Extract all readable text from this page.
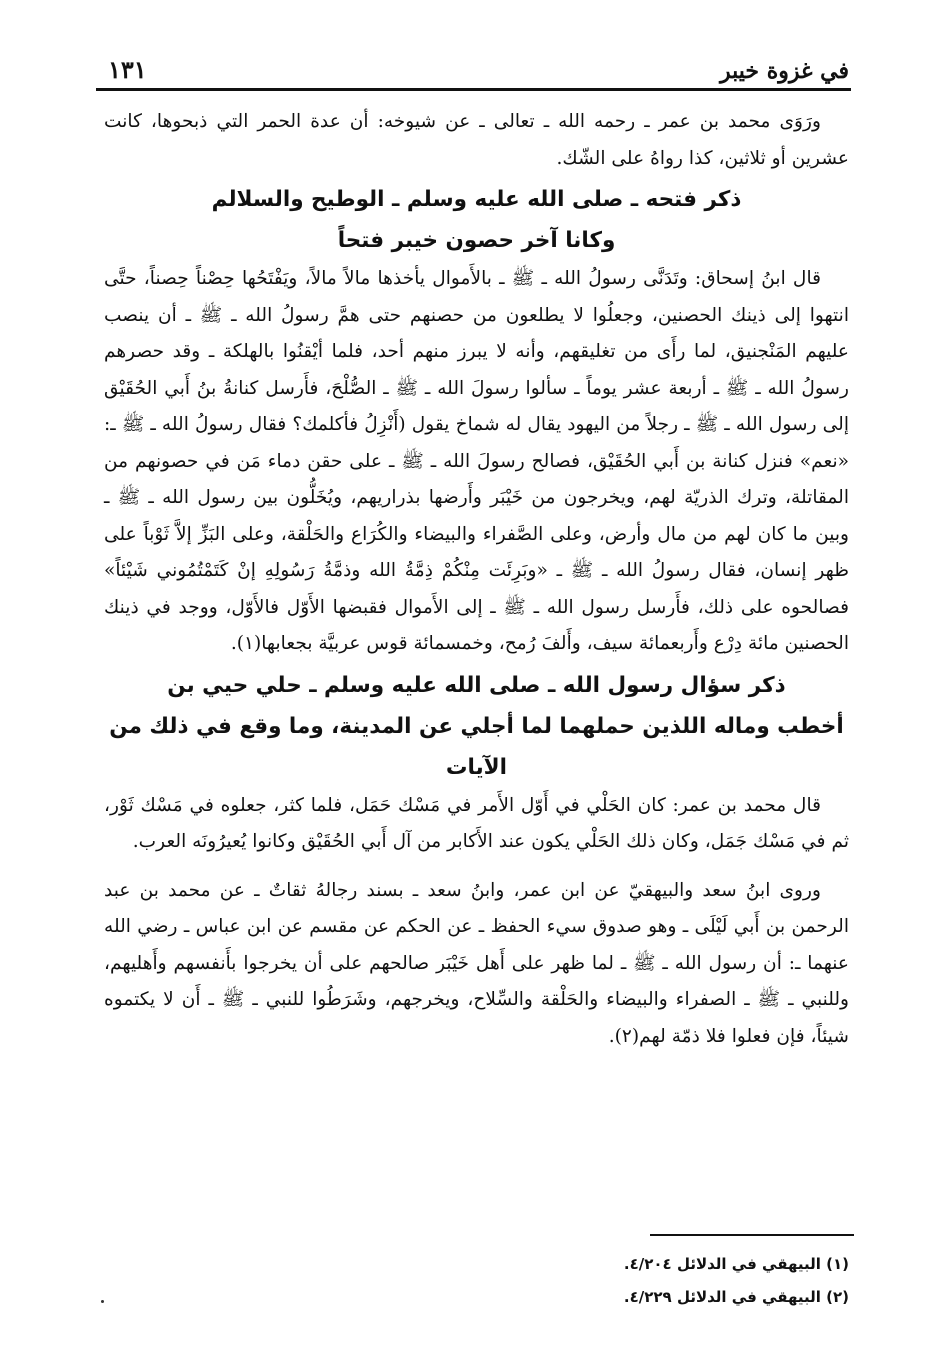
في غزوة خيبر
١٣١

ورَوَى محمد بن عمر ـ رحمه الله ـ تعالى ـ عن شيوخه: أن عدة الحمر التي ذبحوها، كانت عشرين أو ثلاثين، كذا رواهُ على الشّك.

ذكر فتحه ـ صلى الله عليه وسلم ـ الوطيح والسلالم
وكانا آخر حصون خيبر فتحاً

قال ابنُ إسحاق: وتَدَنَّى رسولُ الله ـ ﷺ ـ بالأَموال يأخذها مالاً مالاً، ويَفْتَحُها حِصْناً حِصناً، حتَّى انتهوا إلى ذينك الحصنين، وجعلُوا لا يطلعون من حصنهم حتى همَّ رسولُ الله ـ ﷺ ـ أن ينصب عليهم المَنْجنيق، لما رأَى من تغليقهم، وأنه لا يبرز منهم أحد، فلما أيْقنُوا بالهلكة ـ وقد حصرهم رسولُ الله ـ ﷺ ـ أربعة عشر يوماً ـ سألوا رسولَ الله ـ ﷺ ـ الصُّلْحَ، فأَرسل كنانةُ بنُ أَبي الحُقَيْق إلى رسول الله ـ ﷺ ـ رجلاً من اليهود يقال له شماخ يقول (أَنْزِلُ فأكلمك؟ فقال رسولُ الله ـ ﷺ ـ: «نعم» فنزل كنانة بن أَبي الحُقَيْق، فصالح رسولَ الله ـ ﷺ ـ على حقن دماء مَن في حصونهم من المقاتلة، وترك الذريّة لهم، ويخرجون من خَيْبَر وأَرضها بذراريهم، ويُخَلُّون بين رسول الله ـ ﷺ ـ وبين ما كان لهم من مال وأرض، وعلى الصَّفراء والبيضاء والكُرَاع والحَلْقة، وعلى البَزِّ إلاَّ ثَوْباً على ظهر إنسان، فقال رسولُ الله ـ ﷺ ـ «وبَرِئَت مِنْكُمْ ذِمَّةُ الله وذمَّةُ رَسُولِهِ إنْ كَتَمْتُمُوني شَيْئاً» فصالحوه على ذلك، فأَرسل رسول الله ـ ﷺ ـ إلى الأَموال فقبضها الأَوّل فالأَوّل، ووجد في ذينك الحصنين مائة دِرْع وأَربعمائة سيف، وأَلفَ رُمح، وخمسمائة قوس عربيَّة بجعابها(١).

ذكر سؤال رسول الله ـ صلى الله عليه وسلم ـ حلي حيي بن
أخطب وماله اللذين حملهما لما أجلي عن المدينة، وما وقع في ذلك من الآيات

قال محمد بن عمر: كان الحَلْي في أَوّل الأَمر في مَسْك حَمَل، فلما كثر، جعلوه في مَسْك ثَوْر، ثم في مَسْك جَمَل، وكان ذلك الحَلْي يكون عند الأَكابر من آل أَبي الحُقَيْق وكانوا يُعيرُونَه العرب.

وروى ابنُ سعد والبيهقيّ عن ابن عمر، وابنُ سعد ـ بسند رجالهُ ثقاتٌ ـ عن محمد بن عبد الرحمن بن أَبي لَيْلَى ـ وهو صدوق سيء الحفظ ـ عن الحكم عن مقسم عن ابن عباس ـ رضي الله عنهما ـ: أن رسول الله ـ ﷺ ـ لما ظهر على أَهل خَيْبَر صالحهم على أن يخرجوا بأَنفسهم وأَهليهم، وللنبي ـ ﷺ ـ الصفراء والبيضاء والحَلْقة والسِّلاح، ويخرجهم، وشَرَطُوا للنبي ـ ﷺ ـ أَن لا يكتموه شيئاً، فإن فعلوا فلا ذمّة لهم(٢).

(١) البيهقي في الدلائل ٤/٢٠٤.
(٢) البيهقي في الدلائل ٤/٢٢٩.
